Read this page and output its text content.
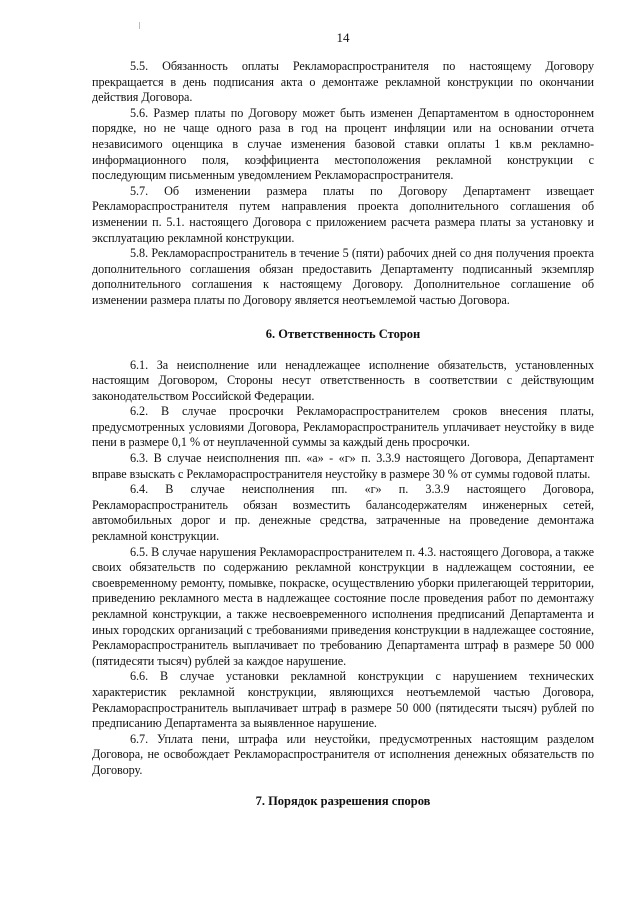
14

5.5. Обязанность оплаты Рекламораспространителя по настоящему Договору прекращается в день подписания акта о демонтаже рекламной конструкции по окончании действия Договора.

5.6. Размер платы по Договору может быть изменен Департаментом в одностороннем порядке, но не чаще одного раза в год на процент инфляции или на основании отчета независимого оценщика в случае изменения базовой ставки оплаты 1 кв.м рекламно-информационного поля, коэффициента местоположения рекламной конструкции с последующим письменным уведомлением Рекламораспространителя.

5.7. Об изменении размера платы по Договору Департамент извещает Рекламораспространителя путем направления проекта дополнительного соглашения об изменении п. 5.1. настоящего Договора с приложением расчета размера платы за установку и эксплуатацию рекламной конструкции.

5.8. Рекламораспространитель в течение 5 (пяти) рабочих дней со дня получения проекта дополнительного соглашения обязан предоставить Департаменту подписанный экземпляр дополнительного соглашения к настоящему Договору. Дополнительное соглашение об изменении размера платы по Договору является неотъемлемой частью Договора.

6. Ответственность Сторон

6.1. За неисполнение или ненадлежащее исполнение обязательств, установленных настоящим Договором, Стороны несут ответственность в соответствии с действующим законодательством Российской Федерации.

6.2. В случае просрочки Рекламораспространителем сроков внесения платы, предусмотренных условиями Договора, Рекламораспространитель уплачивает неустойку в виде пени в размере 0,1 % от неуплаченной суммы за каждый день просрочки.

6.3. В случае неисполнения пп. «а» - «г» п. 3.3.9 настоящего Договора, Департамент вправе взыскать с Рекламораспространителя неустойку в размере 30 % от суммы годовой платы.

6.4. В случае неисполнения пп. «г» п. 3.3.9 настоящего Договора, Рекламораспространитель обязан возместить балансодержателям инженерных сетей, автомобильных дорог и пр. денежные средства, затраченные на проведение демонтажа рекламной конструкции.

6.5. В случае нарушения Рекламораспространителем п. 4.3. настоящего Договора, а также своих обязательств по содержанию рекламной конструкции в надлежащем состоянии, ее своевременному ремонту, помывке, покраске, осуществлению уборки прилегающей территории, приведению рекламного места в надлежащее состояние после проведения работ по демонтажу рекламной конструкции, а также несвоевременного исполнения предписаний Департамента и иных городских организаций с требованиями приведения конструкции в надлежащее состояние, Рекламораспространитель выплачивает по требованию Департамента штраф в размере 50 000 (пятидесяти тысяч) рублей за каждое нарушение.

6.6. В случае установки рекламной конструкции с нарушением технических характеристик рекламной конструкции, являющихся неотъемлемой частью Договора, Рекламораспространитель выплачивает штраф в размере 50 000 (пятидесяти тысяч) рублей по предписанию Департамента за выявленное нарушение.

6.7. Уплата пени, штрафа или неустойки, предусмотренных настоящим разделом Договора, не освобождает Рекламораспространителя от исполнения денежных обязательств по Договору.

7. Порядок разрешения споров
